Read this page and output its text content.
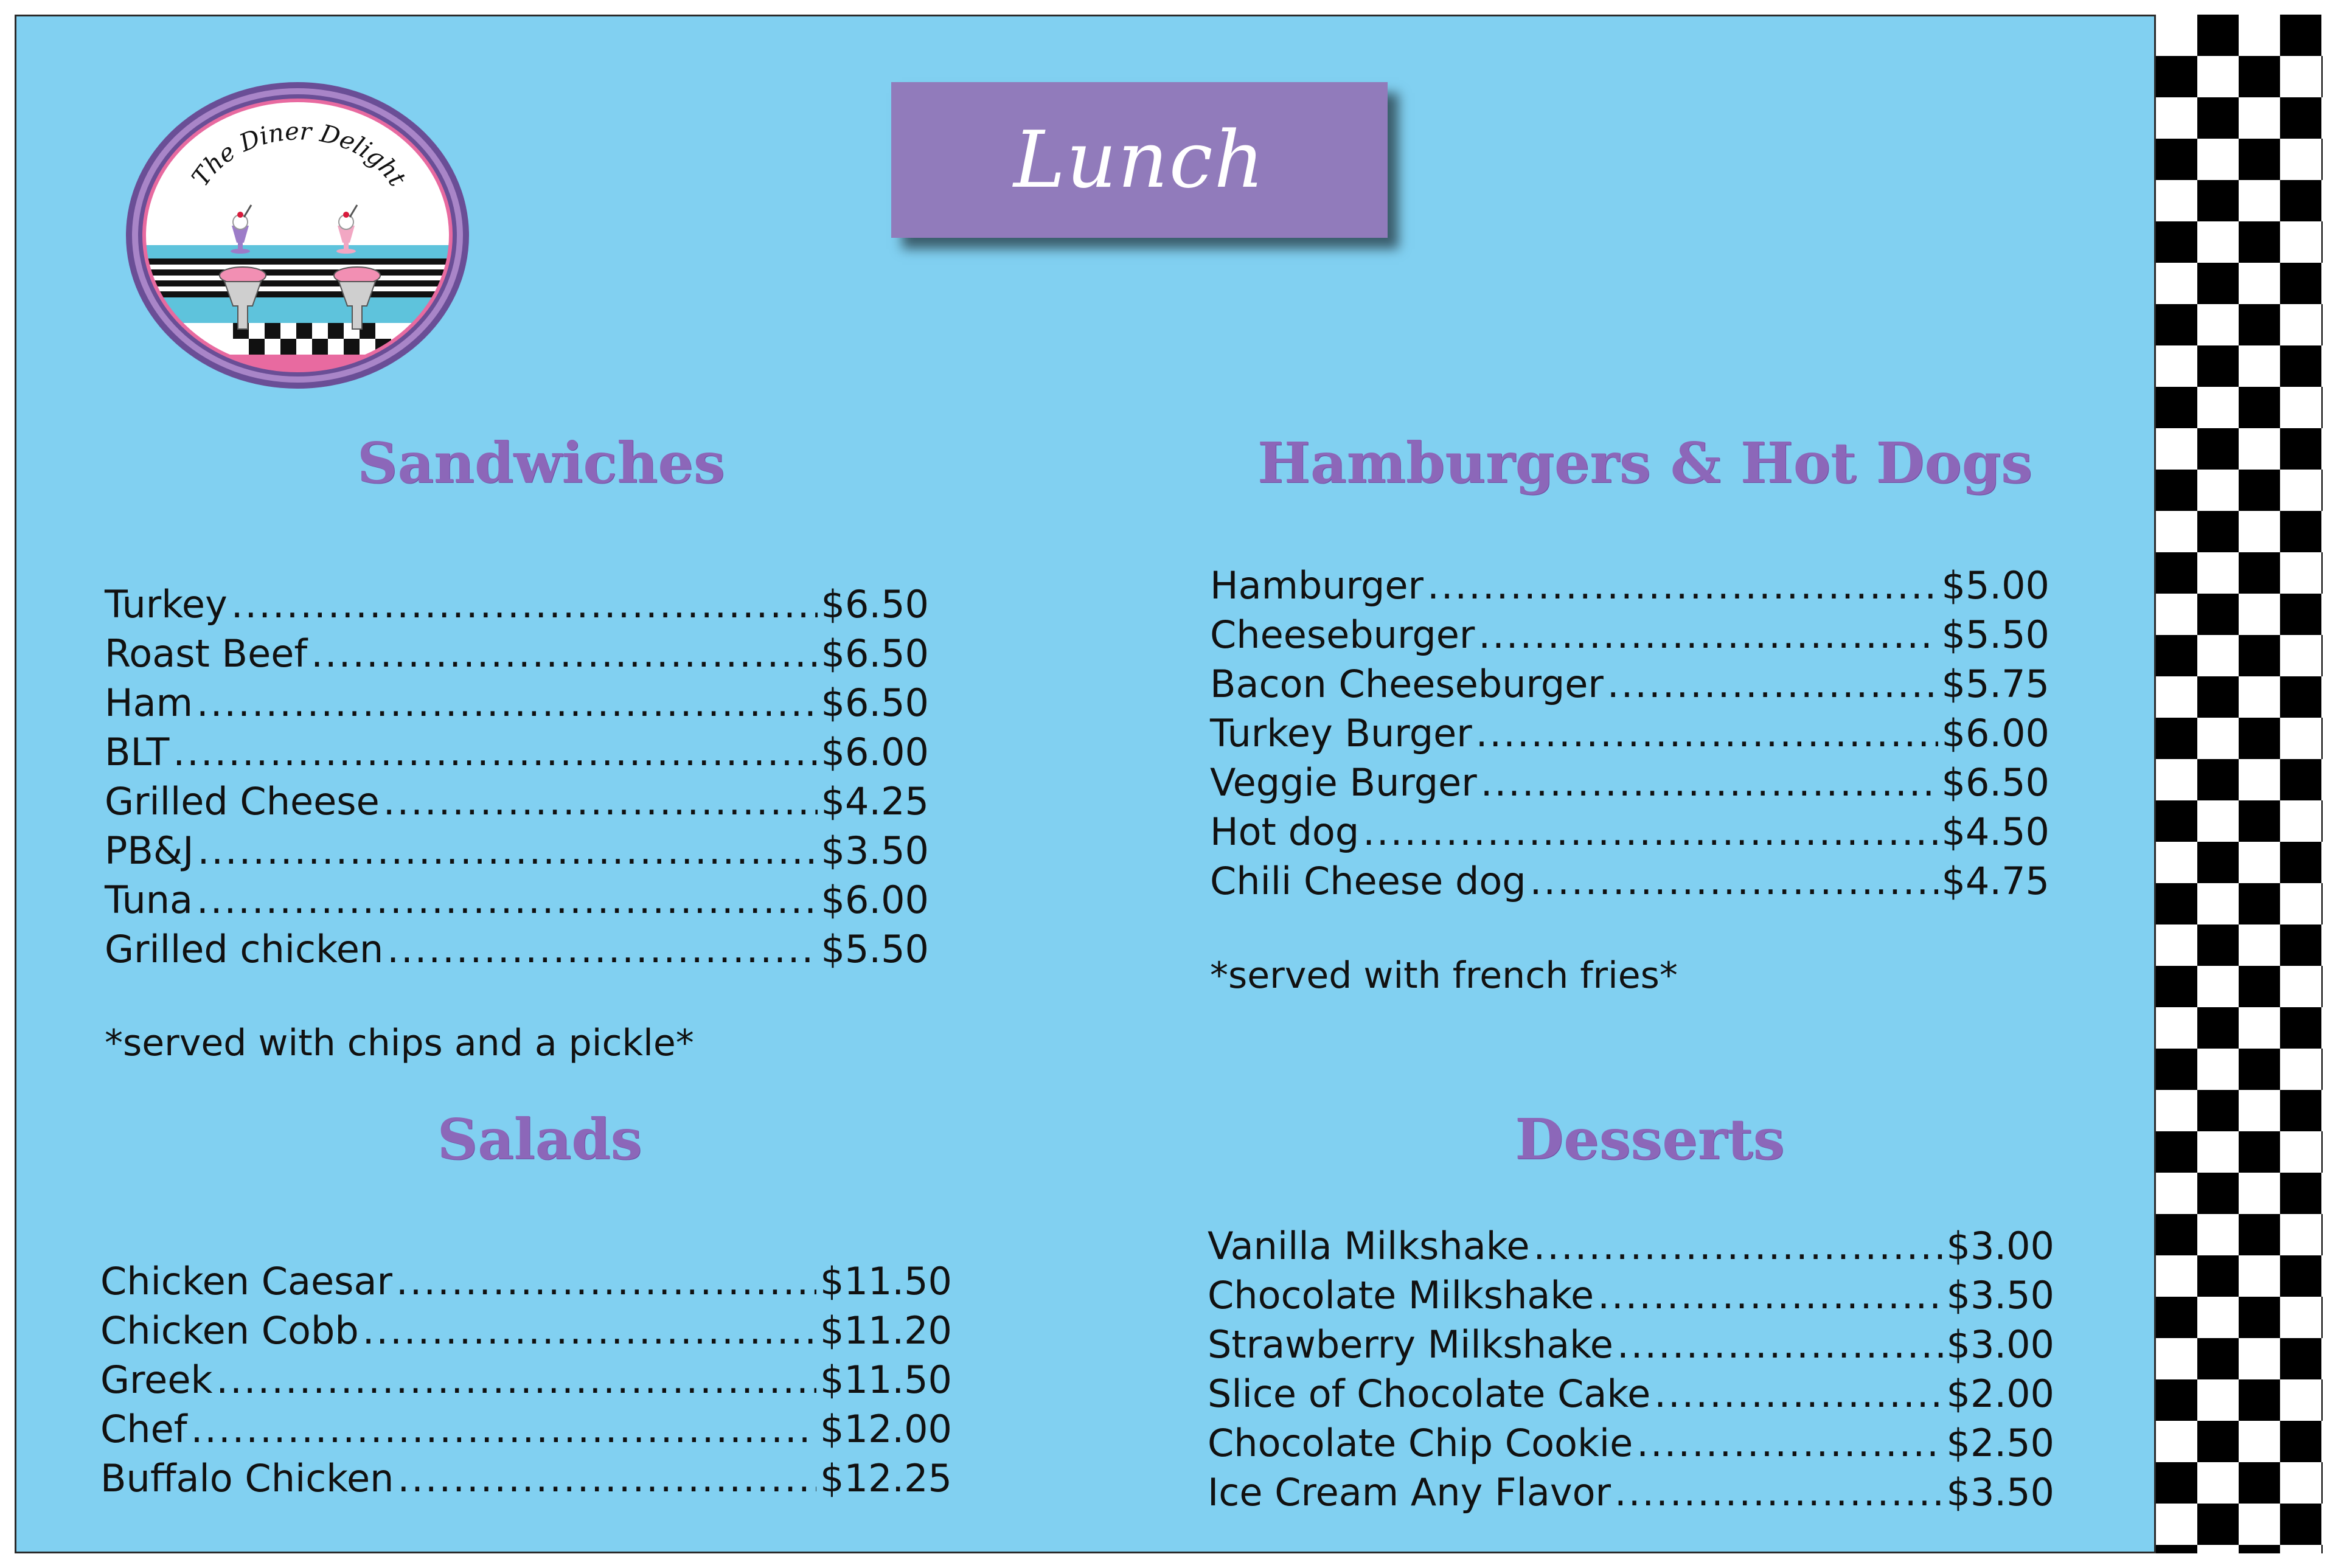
The Diner Delight	Lunch
Sandwiches
Turkey .....	$6.50
Roast Beef .....	$6.50
Ham .....	$6.50
BLT .....	$6.00
Grilled Cheese .....	$4.25
PB&J .....	$3.50
Tuna .....	$6.00
Grilled chicken .....	$5.50
*served with chips and a pickle*
Hamburgers & Hot Dogs
Hamburger .....	$5.00
Cheeseburger .....	$5.50
Bacon Cheeseburger .....	$5.75
Turkey Burger .....	$6.00
Veggie Burger .....	$6.50
Hot dog .....	$4.50
Chili Cheese dog .....	$4.75
*served with french fries*
Salads
Chicken Caesar .....	$11.50
Chicken Cobb .....	$11.20
Greek .....	$11.50
Chef .....	$12.00
Buffalo Chicken .....	$12.25
Desserts
Vanilla Milkshake .....	$3.00
Chocolate Milkshake .....	$3.50
Strawberry Milkshake .....	$3.00
Slice of Chocolate Cake .....	$2.00
Chocolate Chip Cookie .....	$2.50
Ice Cream Any Flavor .....	$3.50
